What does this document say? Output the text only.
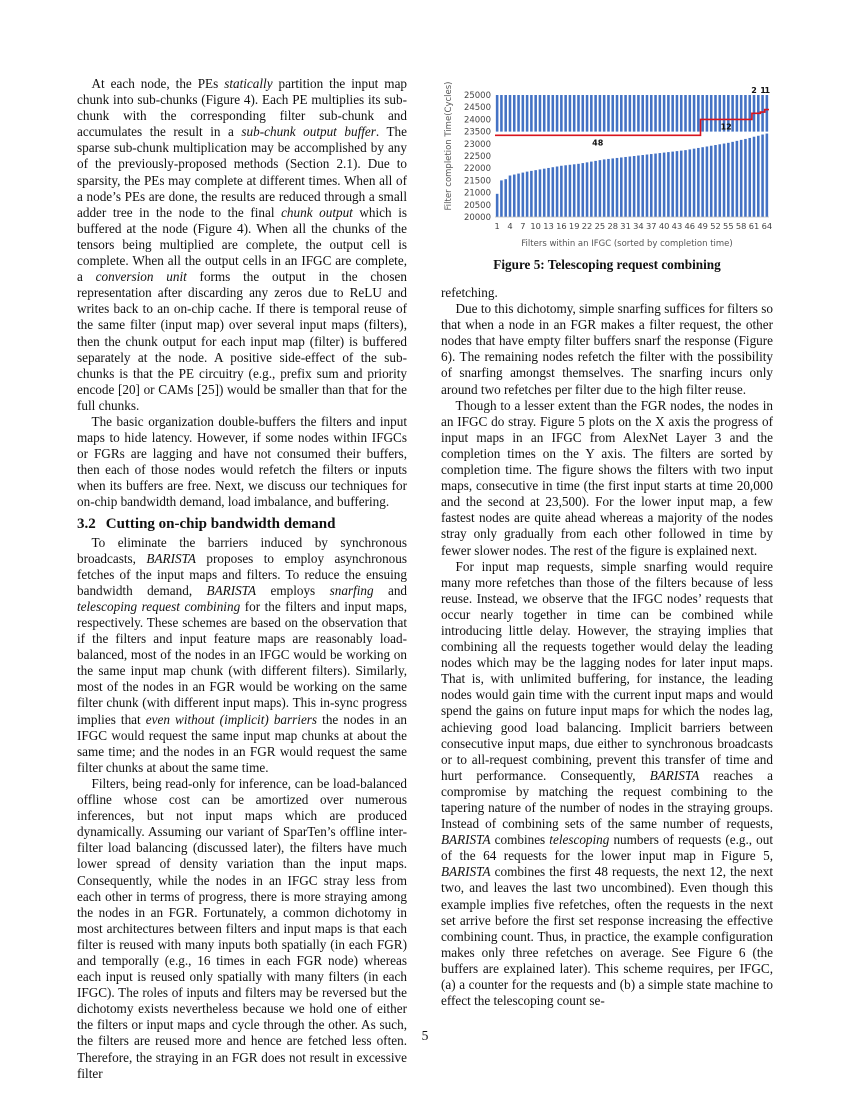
At each node, the PEs statically partition the input map chunk into sub-chunks (Figure 4). Each PE multiplies its sub-chunk with the corresponding filter sub-chunk and accumulates the result in a sub-chunk output buffer. The sparse sub-chunk multiplication may be accomplished by any of the previously-proposed methods (Section 2.1). Due to sparsity, the PEs may complete at different times. When all of a node’s PEs are done, the results are reduced through a small adder tree in the node to the final chunk output which is buffered at the node (Figure 4). When all the chunks of the tensors being multiplied are complete, the output cell is complete. When all the output cells in an IFGC are complete, a conversion unit forms the output in the chosen representation after discarding any zeros due to ReLU and writes back to an on-chip cache. If there is temporal reuse of the same filter (input map) over several input maps (filters), then the chunk output for each input map (filter) is buffered separately at the node. A positive side-effect of the sub-chunks is that the PE circuitry (e.g., prefix sum and priority encode [20] or CAMs [25]) would be smaller than that for the full chunks.

The basic organization double-buffers the filters and input maps to hide latency. However, if some nodes within IFGCs or FGRs are lagging and have not consumed their buffers, then each of those nodes would refetch the filters or inputs when its buffers are free. Next, we discuss our techniques for on-chip bandwidth demand, load imbalance, and buffering.

3.2 Cutting on-chip bandwidth demand

To eliminate the barriers induced by synchronous broadcasts, BARISTA proposes to employ asynchronous fetches of the input maps and filters. To reduce the ensuing bandwidth demand, BARISTA employs snarfing and telescoping request combining for the filters and input maps, respectively. These schemes are based on the observation that if the filters and input feature maps are reasonably load-balanced, most of the nodes in an IFGC would be working on the same input map chunk (with different filters). Similarly, most of the nodes in an FGR would be working on the same filter chunk (with different input maps). This in-sync progress implies that even without (implicit) barriers the nodes in an IFGC would request the same input map chunks at about the same time; and the nodes in an FGR would request the same filter chunks at about the same time.

Filters, being read-only for inference, can be load-balanced offline whose cost can be amortized over numerous inferences, but not input maps which are produced dynamically. Assuming our variant of SparTen’s offline inter-filter load balancing (discussed later), the filters have much lower spread of density variation than the input maps. Consequently, while the nodes in an IFGC stray less from each other in terms of progress, there is more straying among the nodes in an FGR. Fortunately, a common dichotomy in most architectures between filters and input maps is that each filter is reused with many inputs both spatially (in each FGR) and temporally (e.g., 16 times in each FGR node) whereas each input is reused only spatially with many filters (in each IFGC). The roles of inputs and filters may be reversed but the dichotomy exists nevertheless because we hold one of either the filters or input maps and cycle through the other. As such, the filters are reused more and hence are fetched less often. Therefore, the straying in an FGR does not result in excessive filter

20000
20500
21000
21500
22000
22500
23000
23500
24000
24500
25000
48
12
2 1
1
1 4 7 10 13 16 19 22 25 28 31 34 37 40 43 46 49 52 55 58 61 64
Filter completion Time(Cycles)
Filters within an IFGC (sorted by completion time)
Figure 5: Telescoping request combining

refetching.

Due to this dichotomy, simple snarfing suffices for filters so that when a node in an FGR makes a filter request, the other nodes that have empty filter buffers snarf the response (Figure 6). The remaining nodes refetch the filter with the possibility of snarfing amongst themselves. The snarfing incurs only around two refetches per filter due to the high filter reuse.

Though to a lesser extent than the FGR nodes, the nodes in an IFGC do stray. Figure 5 plots on the X axis the progress of input maps in an IFGC from AlexNet Layer 3 and the completion times on the Y axis. The filters are sorted by completion time. The figure shows the filters with two input maps, consecutive in time (the first input starts at time 20,000 and the second at 23,500). For the lower input map, a few fastest nodes are quite ahead whereas a majority of the nodes stray only gradually from each other followed in time by fewer slower nodes. The rest of the figure is explained next.

For input map requests, simple snarfing would require many more refetches than those of the filters because of less reuse. Instead, we observe that the IFGC nodes’ requests that occur nearly together in time can be combined while introducing little delay. However, the straying implies that combining all the requests together would delay the leading nodes which may be the lagging nodes for later input maps. That is, with unlimited buffering, for instance, the leading nodes would gain time with the current input maps and would spend the gains on future input maps for which the nodes lag, achieving good load balancing. Implicit barriers between consecutive input maps, due either to synchronous broadcasts or to all-request combining, prevent this transfer of time and hurt performance. Consequently, BARISTA reaches a compromise by matching the request combining to the tapering nature of the number of nodes in the straying groups. Instead of combining sets of the same number of requests, BARISTA combines telescoping numbers of requests (e.g., out of the 64 requests for the lower input map in Figure 5, BARISTA combines the first 48 requests, the next 12, the next two, and leaves the last two uncombined). Even though this example implies five refetches, often the requests in the next set arrive before the first set response increasing the effective combining count. Thus, in practice, the example configuration makes only three refetches on average. See Figure 6 (the buffers are explained later). This scheme requires, per IFGC, (a) a counter for the requests and (b) a simple state machine to effect the telescoping count se-

5
